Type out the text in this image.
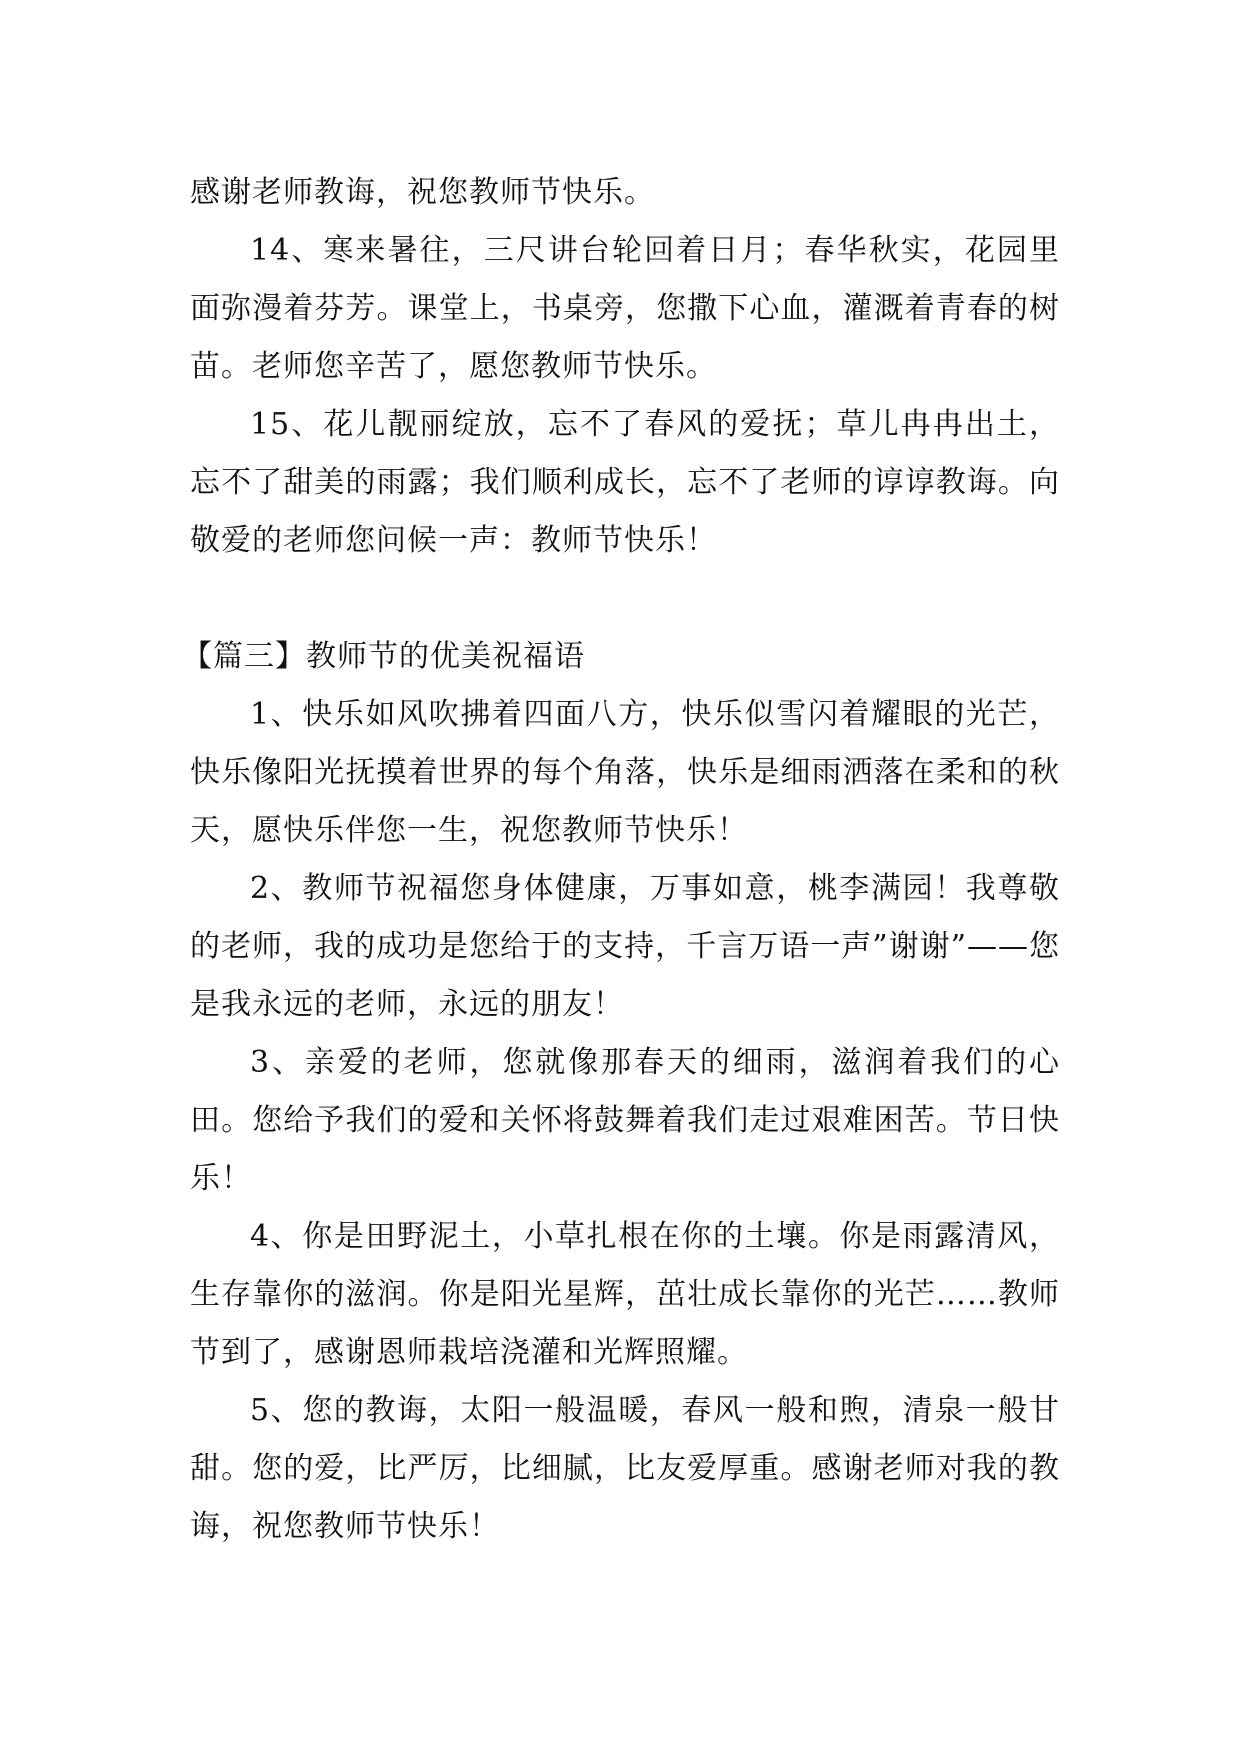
感谢老师教诲，祝您教师节快乐。

14、寒来暑往，三尺讲台轮回着日月；春华秋实，花园里面弥漫着芬芳。课堂上，书桌旁，您撒下心血，灌溉着青春的树苗。老师您辛苦了，愿您教师节快乐。

15、花儿靓丽绽放，忘不了春风的爱抚；草儿冉冉出土，忘不了甜美的雨露；我们顺利成长，忘不了老师的谆谆教诲。向敬爱的老师您问候一声：教师节快乐！

【篇三】教师节的优美祝福语

1、快乐如风吹拂着四面八方，快乐似雪闪着耀眼的光芒，快乐像阳光抚摸着世界的每个角落，快乐是细雨洒落在柔和的秋天，愿快乐伴您一生，祝您教师节快乐！

2、教师节祝福您身体健康，万事如意，桃李满园！我尊敬的老师，我的成功是您给于的支持，千言万语一声”谢谢”——您是我永远的老师，永远的朋友！

3、亲爱的老师，您就像那春天的细雨，滋润着我们的心田。您给予我们的爱和关怀将鼓舞着我们走过艰难困苦。节日快乐！

4、你是田野泥土，小草扎根在你的土壤。你是雨露清风，生存靠你的滋润。你是阳光星辉，茁壮成长靠你的光芒……教师节到了，感谢恩师栽培浇灌和光辉照耀。

5、您的教诲，太阳一般温暖，春风一般和煦，清泉一般甘甜。您的爱，比严厉，比细腻，比友爱厚重。感谢老师对我的教诲，祝您教师节快乐！
